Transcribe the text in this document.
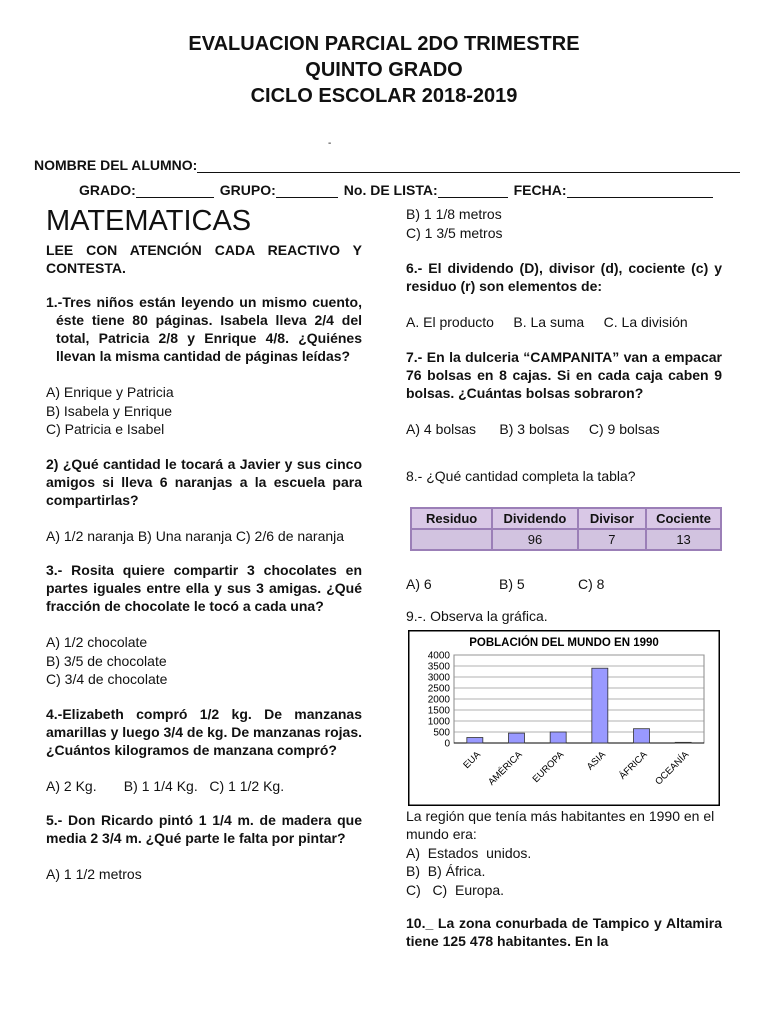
EVALUACION PARCIAL 2DO TRIMESTRE
QUINTO GRADO
CICLO ESCOLAR 2018-2019
-
NOMBRE DEL ALUMNO:
GRADO:	GRUPO:	No. DE LISTA:	FECHA:
MATEMATICAS
LEE CON ATENCIÓN CADA REACTIVO Y CONTESTA.
1.-Tres niños están leyendo un mismo cuento, éste tiene 80 páginas. Isabela lleva 2/4 del total, Patricia 2/8 y Enrique 4/8. ¿Quiénes llevan la misma cantidad de páginas leídas?
A) Enrique y Patricia
B) Isabela y Enrique
C) Patricia e Isabel
2) ¿Qué cantidad le tocará a Javier y sus cinco amigos si lleva 6 naranjas a la escuela para compartirlas?
A) 1/2 naranja B) Una naranja C) 2/6 de naranja
3.- Rosita quiere compartir 3 chocolates en partes iguales entre ella y sus 3 amigas. ¿Qué fracción de chocolate le tocó a cada una?
A) 1/2 chocolate
B) 3/5 de chocolate
C) 3/4 de chocolate
4.-Elizabeth compró 1/2 kg. De manzanas amarillas y luego 3/4 de kg. De manzanas rojas. ¿Cuántos kilogramos de manzana compró?
A) 2 Kg.       B) 1 1/4 Kg.   C) 1 1/2 Kg.
5.- Don Ricardo pintó 1 1/4 m. de madera que media 2 3/4 m. ¿Qué parte le falta por pintar?
A) 1 1/2 metros
B) 1 1/8 metros
C) 1 3/5 metros
6.- El dividendo (D), divisor (d), cociente (c) y residuo (r) son elementos de:
A. El producto     B. La suma     C. La división
7.- En la dulceria “CAMPANITA” van a empacar 76 bolsas en 8 cajas. Si en cada caja caben 9 bolsas. ¿Cuántas bolsas sobraron?
A) 4 bolsas      B) 3 bolsas     C) 9 bolsas
8.- ¿Qué cantidad completa la tabla?
Residuo	Dividendo	Divisor	Cociente
	96	7	13
A) 6	B) 5	C) 8
9.-. Observa la gráfica.
POBLACIÓN DEL MUNDO EN 1990
0
500
1000
1500
2000
2500
3000
3500
4000
EUA AMÉRICA EUROPA ASIA ÁFRICA OCEANÍA
La región que tenía más habitantes en 1990 en el mundo era:
A)  Estados  unidos.
B)  B) África.
C)   C)  Europa.
10._ La zona conurbada de Tampico y Altamira tiene 125 478 habitantes. En la
